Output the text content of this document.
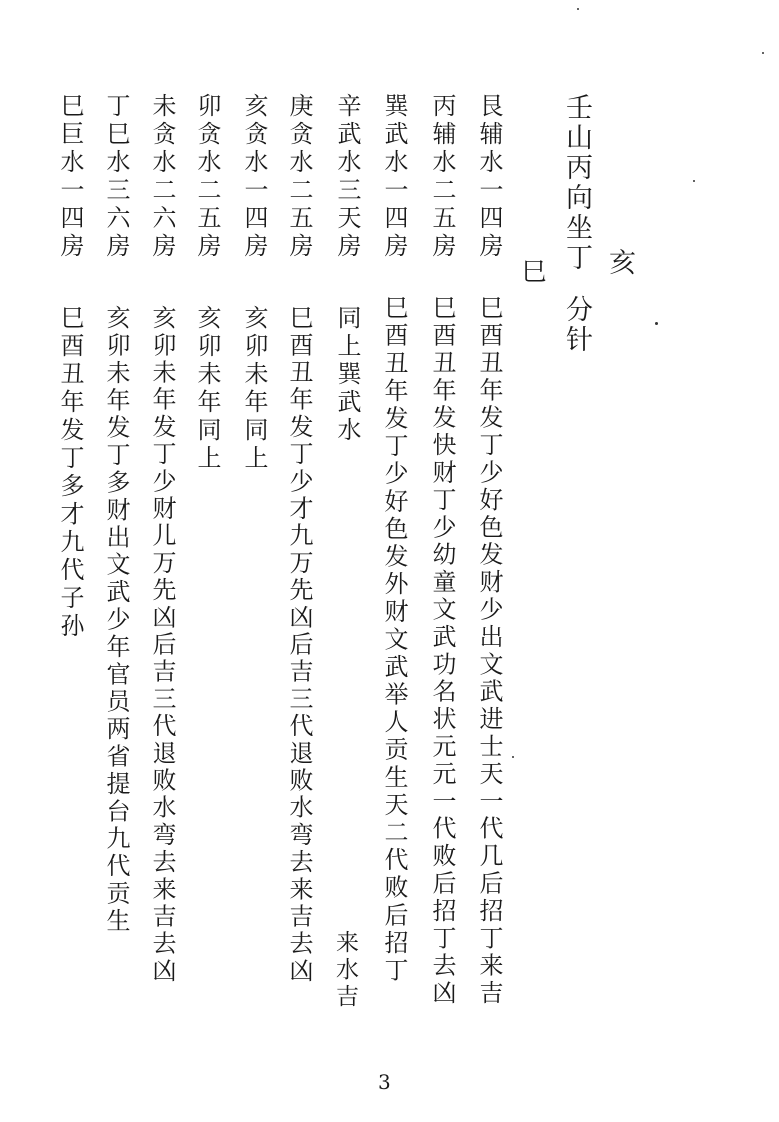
壬山丙向坐丁 亥
巳
分针
艮辅水一四房
巳酉丑年发丁少好色发财少出文武进士天一代几后招丁来吉
丙辅水二五房
巳酉丑年发快财丁少幼童文武功名状元元一代败后招丁去凶
巽武水一四房
巳酉丑年发丁少好色发外财文武举人贡生天二代败后招丁
辛武水三天房
同上巽武水
庚贪水二五房
巳酉丑年发丁少才九万先凶后吉三代退败水弯去来吉去凶
亥贪水一四房
亥卯未年同上
卯贪水二五房
亥卯未年同上
未贪水二六房
亥卯未年发丁少财儿万先凶后吉三代退败水弯去来吉去凶
丁巳水三六房
亥卯未年发丁多财出文武少年官员两省提台九代贡生
巳巨水一四房
巳酉丑年发丁多才九代子孙
来水吉
3
